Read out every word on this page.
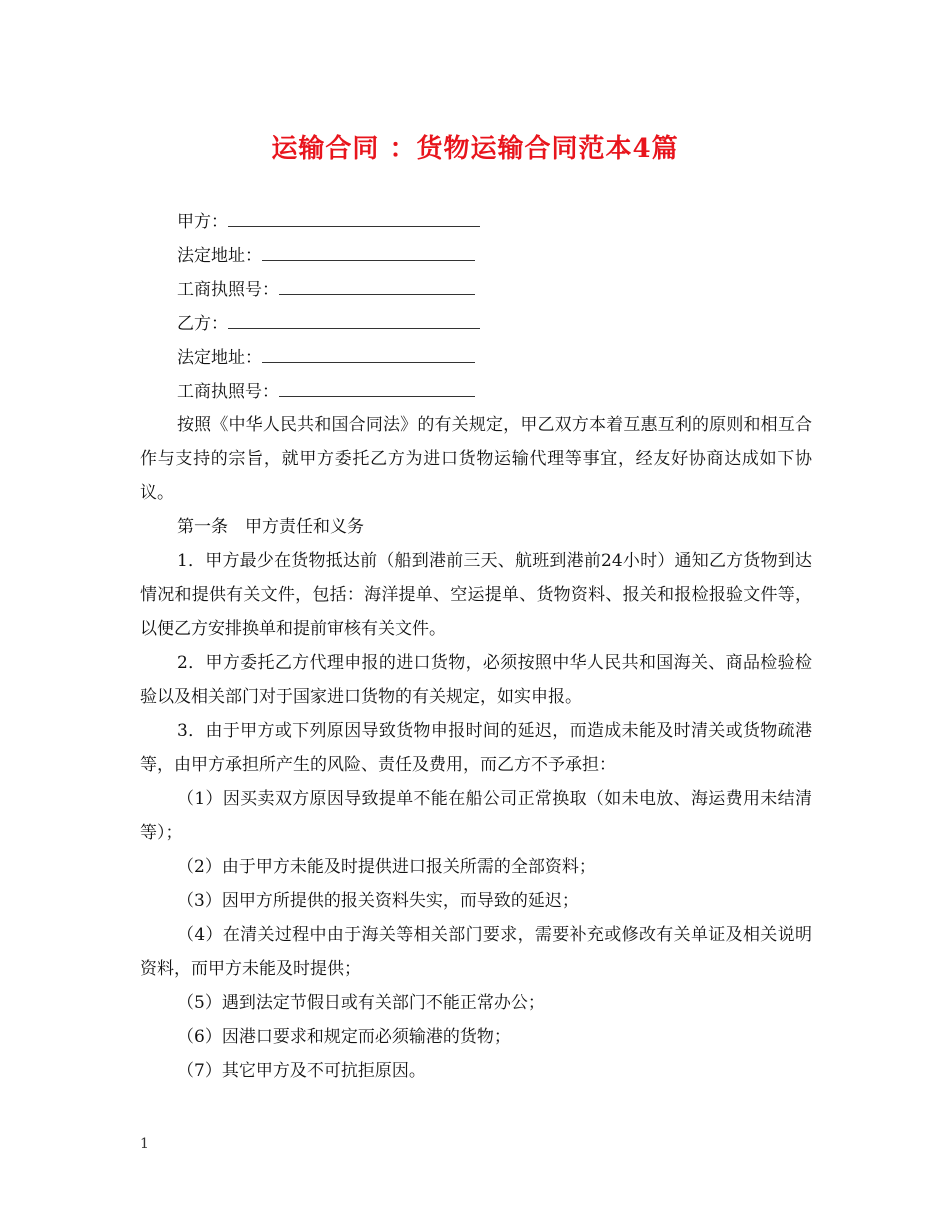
运输合同 ：货物运输合同范本4篇
甲方：
法定地址：
工商执照号：
乙方：
法定地址：
工商执照号：

按照《中华人民共和国合同法》的有关规定，甲乙双方本着互惠互利的原则和相互合作与支持的宗旨，就甲方委托乙方为进口货物运输代理等事宜，经友好协商达成如下协议。

第一条　甲方责任和义务

1．甲方最少在货物抵达前（船到港前三天、航班到港前24小时）通知乙方货物到达情况和提供有关文件，包括：海洋提单、空运提单、货物资料、报关和报检报验文件等，以便乙方安排换单和提前审核有关文件。

2．甲方委托乙方代理申报的进口货物，必须按照中华人民共和国海关、商品检验检验以及相关部门对于国家进口货物的有关规定，如实申报。

3．由于甲方或下列原因导致货物申报时间的延迟，而造成未能及时清关或货物疏港等，由甲方承担所产生的风险、责任及费用，而乙方不予承担：

（1）因买卖双方原因导致提单不能在船公司正常换取（如未电放、海运费用未结清等）；

（2）由于甲方未能及时提供进口报关所需的全部资料；

（3）因甲方所提供的报关资料失实，而导致的延迟；

（4）在清关过程中由于海关等相关部门要求，需要补充或修改有关单证及相关说明资料，而甲方未能及时提供；

（5）遇到法定节假日或有关部门不能正常办公；

（6）因港口要求和规定而必须输港的货物；

（7）其它甲方及不可抗拒原因。

1
